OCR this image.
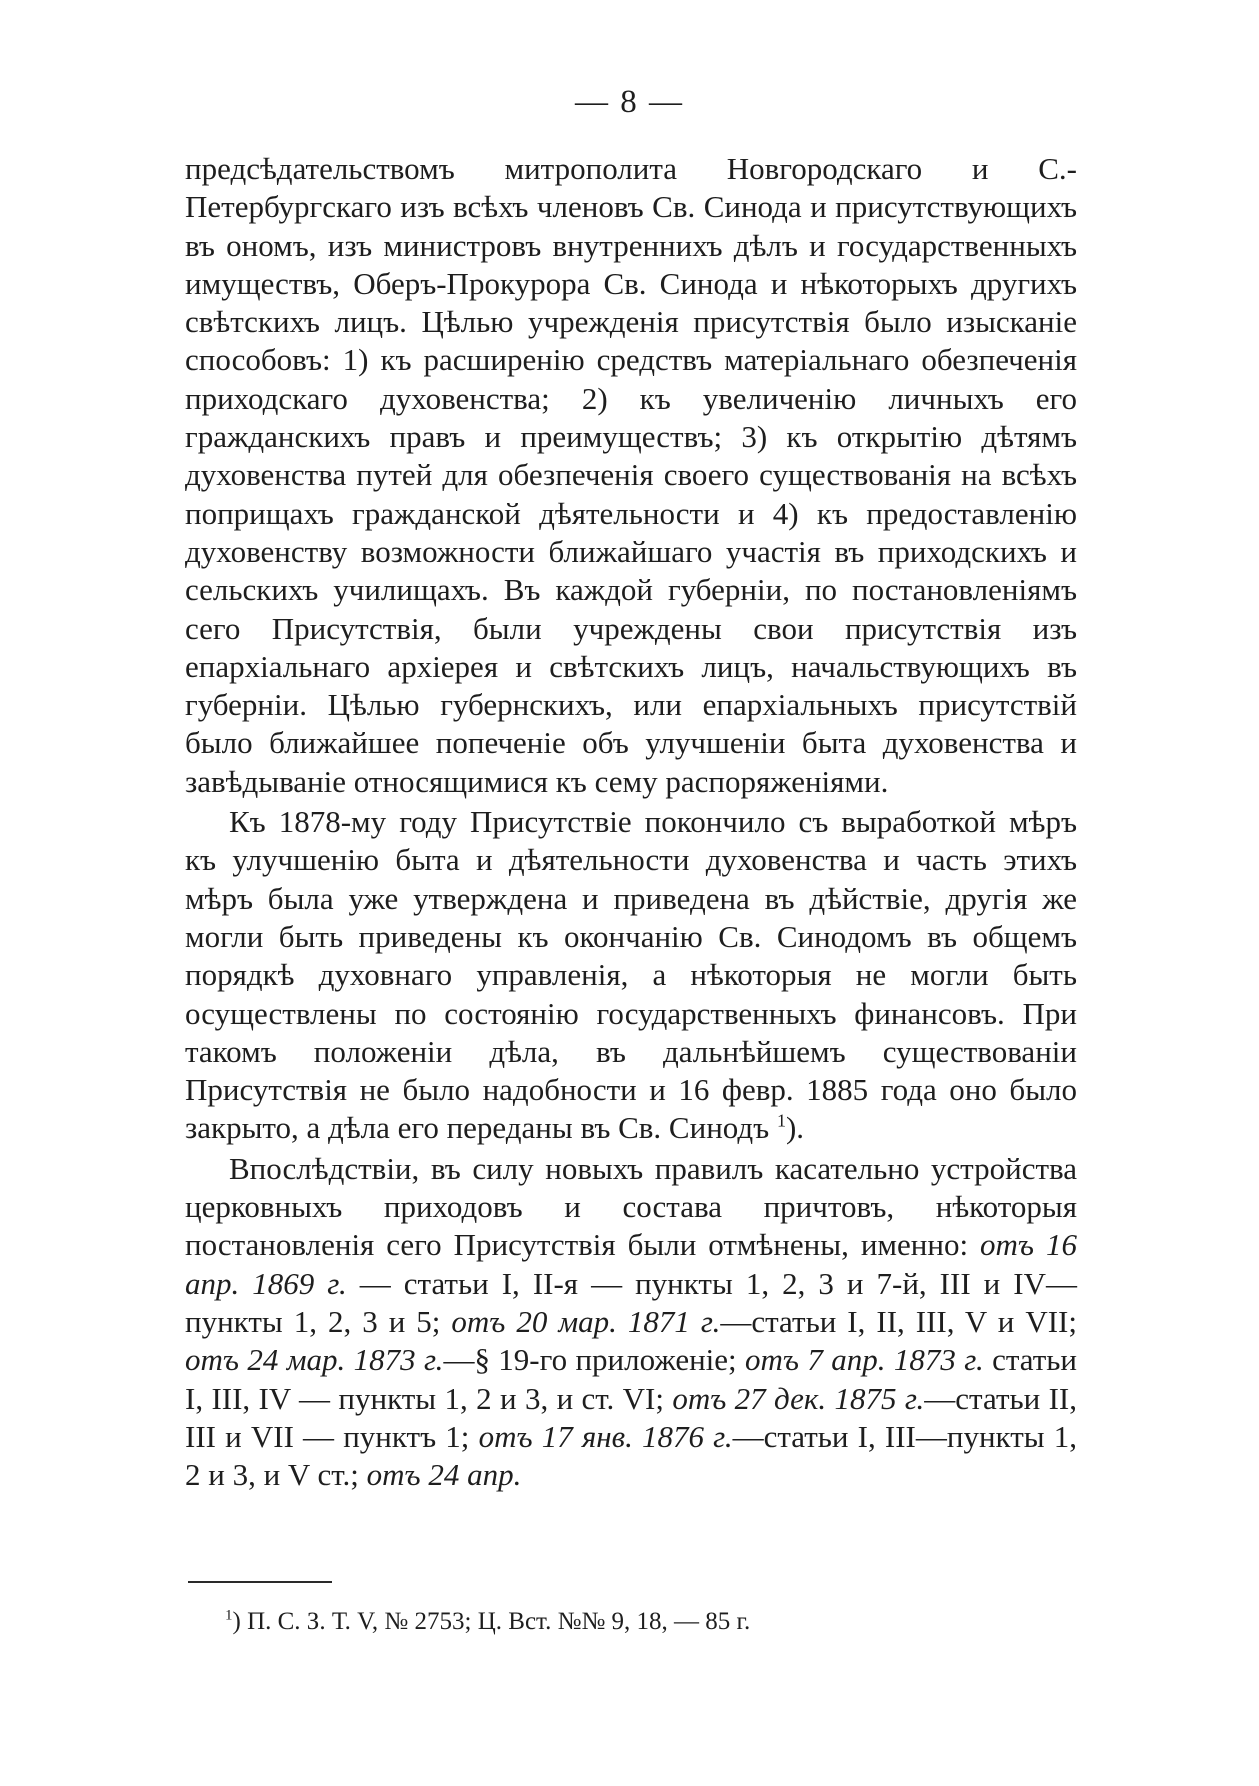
— 8 —

предсѣдательствомъ митрополита Новгородскаго и С.-Петербургскаго изъ всѣхъ членовъ Св. Синода и присутствующихъ въ ономъ, изъ министровъ внутреннихъ дѣлъ и государственныхъ имуществъ, Оберъ-Прокурора Св. Синода и нѣкоторыхъ другихъ свѣтскихъ лицъ. Цѣлью учрежденія присутствія было изысканіе способовъ: 1) къ расширенію средствъ матеріальнаго обезпеченія приходскаго духовенства; 2) къ увеличенію личныхъ его гражданскихъ правъ и преимуществъ; 3) къ открытію дѣтямъ духовенства путей для обезпеченія своего существованія на всѣхъ поприщахъ гражданской дѣятельности и 4) къ предоставленію духовенству возможности ближайшаго участія въ приходскихъ и сельскихъ училищахъ. Въ каждой губерніи, по постановленіямъ сего Присутствія, были учреждены свои присутствія изъ епархіальнаго архіерея и свѣтскихъ лицъ, начальствующихъ въ губерніи. Цѣлью губернскихъ, или епархіальныхъ присутствій было ближайшее попеченіе объ улучшеніи быта духовенства и завѣдываніе относящимися къ сему распоряженіями.

Къ 1878-му году Присутствіе покончило съ выработкой мѣръ къ улучшенію быта и дѣятельности духовенства и часть этихъ мѣръ была уже утверждена и приведена въ дѣйствіе, другія же могли быть приведены къ окончанію Св. Синодомъ въ общемъ порядкѣ духовнаго управленія, а нѣкоторыя не могли быть осуществлены по состоянію государственныхъ финансовъ. При такомъ положеніи дѣла, въ дальнѣйшемъ существованіи Присутствія не было надобности и 16 февр. 1885 года оно было закрыто, а дѣла его переданы въ Св. Синодъ $^1$).

Впослѣдствіи, въ силу новыхъ правилъ касательно устройства церковныхъ приходовъ и состава причтовъ, нѣкоторыя постановленія сего Присутствія были отмѣнены, именно: отъ 16 апр. 1869 г. — статьи I, II-я — пункты 1, 2, 3 и 7-й, III и IV—пункты 1, 2, 3 и 5; отъ 20 мар. 1871 г.—статьи I, II, III, V и VII; отъ 24 мар. 1873 г.—§ 19-го приложеніе; отъ 7 апр. 1873 г. статьи I, III, IV — пункты 1, 2 и 3, и ст. VI; отъ 27 дек. 1875 г.—статьи II, III и VII — пунктъ 1; отъ 17 янв. 1876 г.—статьи I, III—пункты 1, 2 и 3, и V ст.; отъ 24 апр.

$^1$) П. С. З. Т. V, № 2753; Ц. Вст. №№ 9, 18, — 85 г.
